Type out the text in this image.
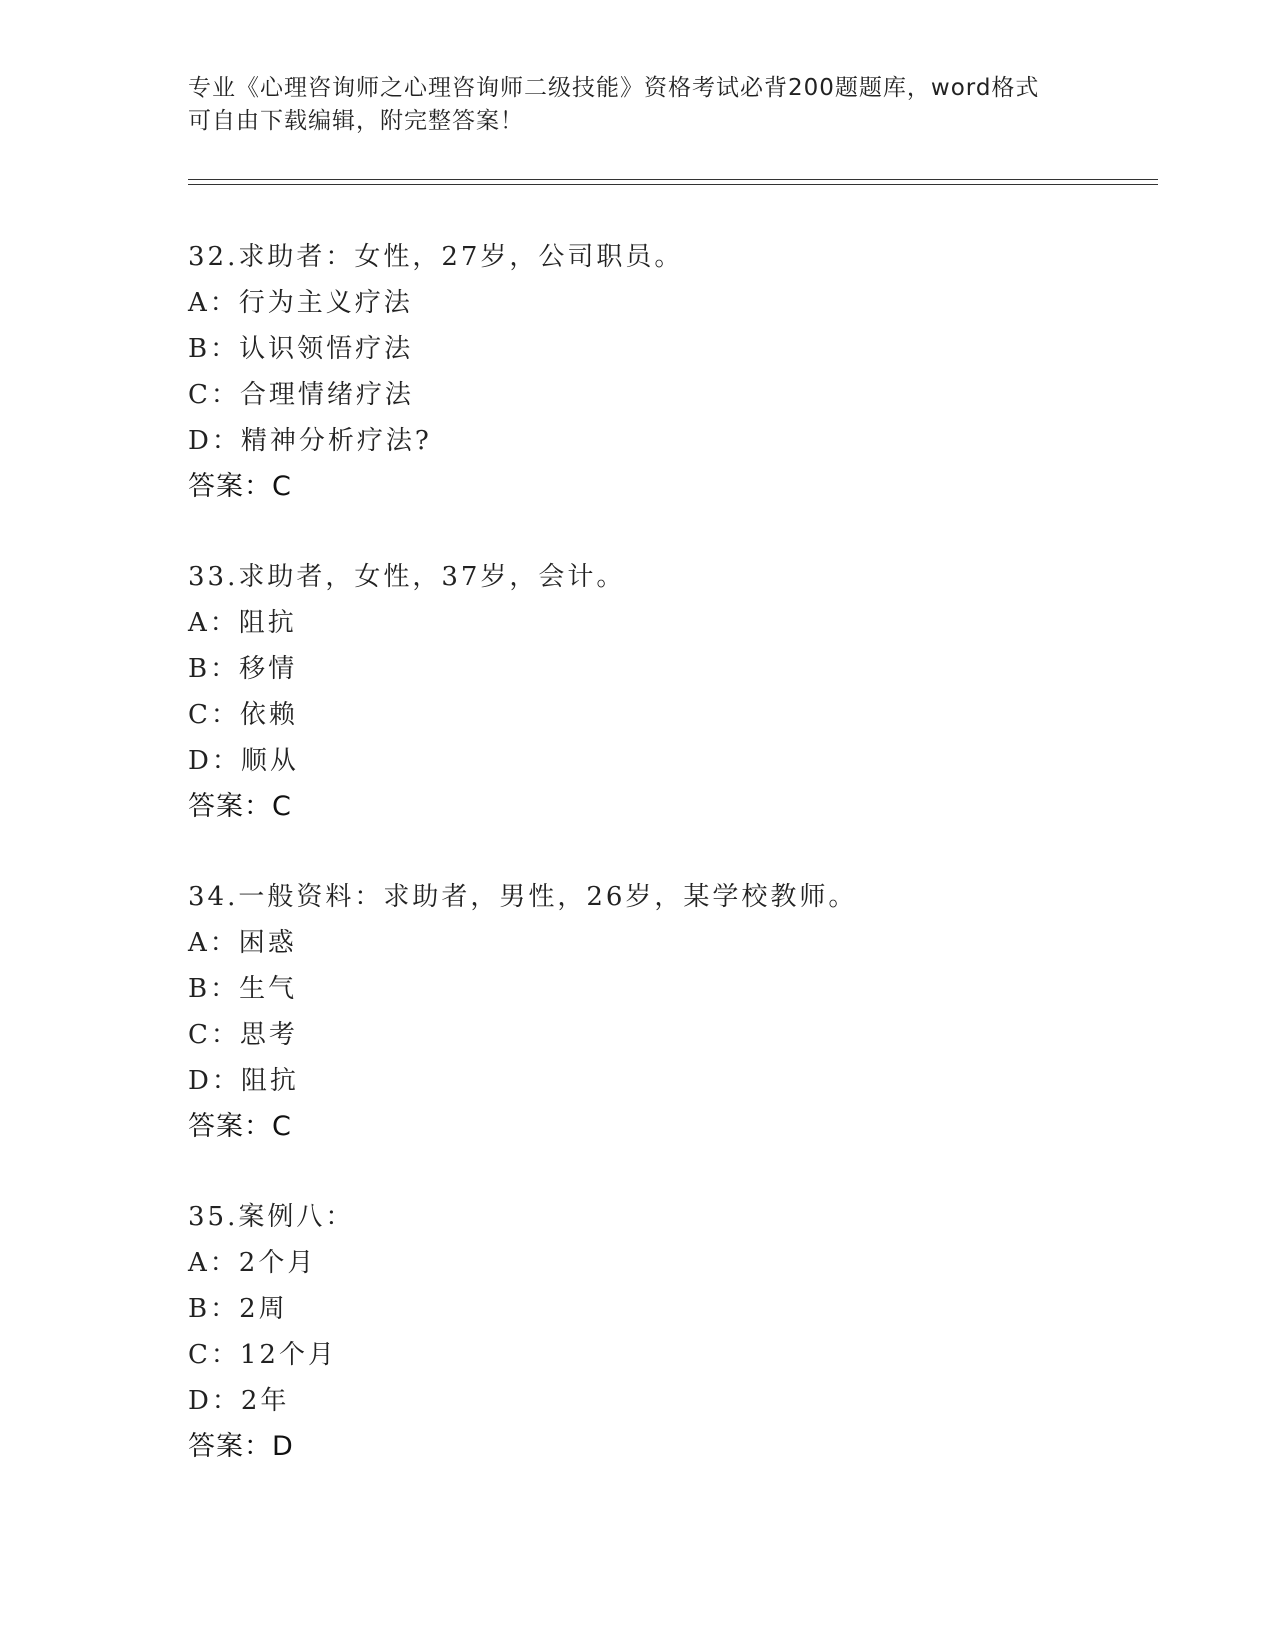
专业《心理咨询师之心理咨询师二级技能》资格考试必背200题题库，word格式
可自由下载编辑，附完整答案！
32.求助者：女性，27岁，公司职员。
A：行为主义疗法
B：认识领悟疗法
C：合理情绪疗法
D：精神分析疗法?
答案：C
33.求助者，女性，37岁，会计。
A：阻抗
B：移情
C：依赖
D：顺从
答案：C
34.一般资料：求助者，男性，26岁，某学校教师。
A：困惑
B：生气
C：思考
D：阻抗
答案：C
35.案例八：
A：2个月
B：2周
C：12个月
D：2年
答案：D
